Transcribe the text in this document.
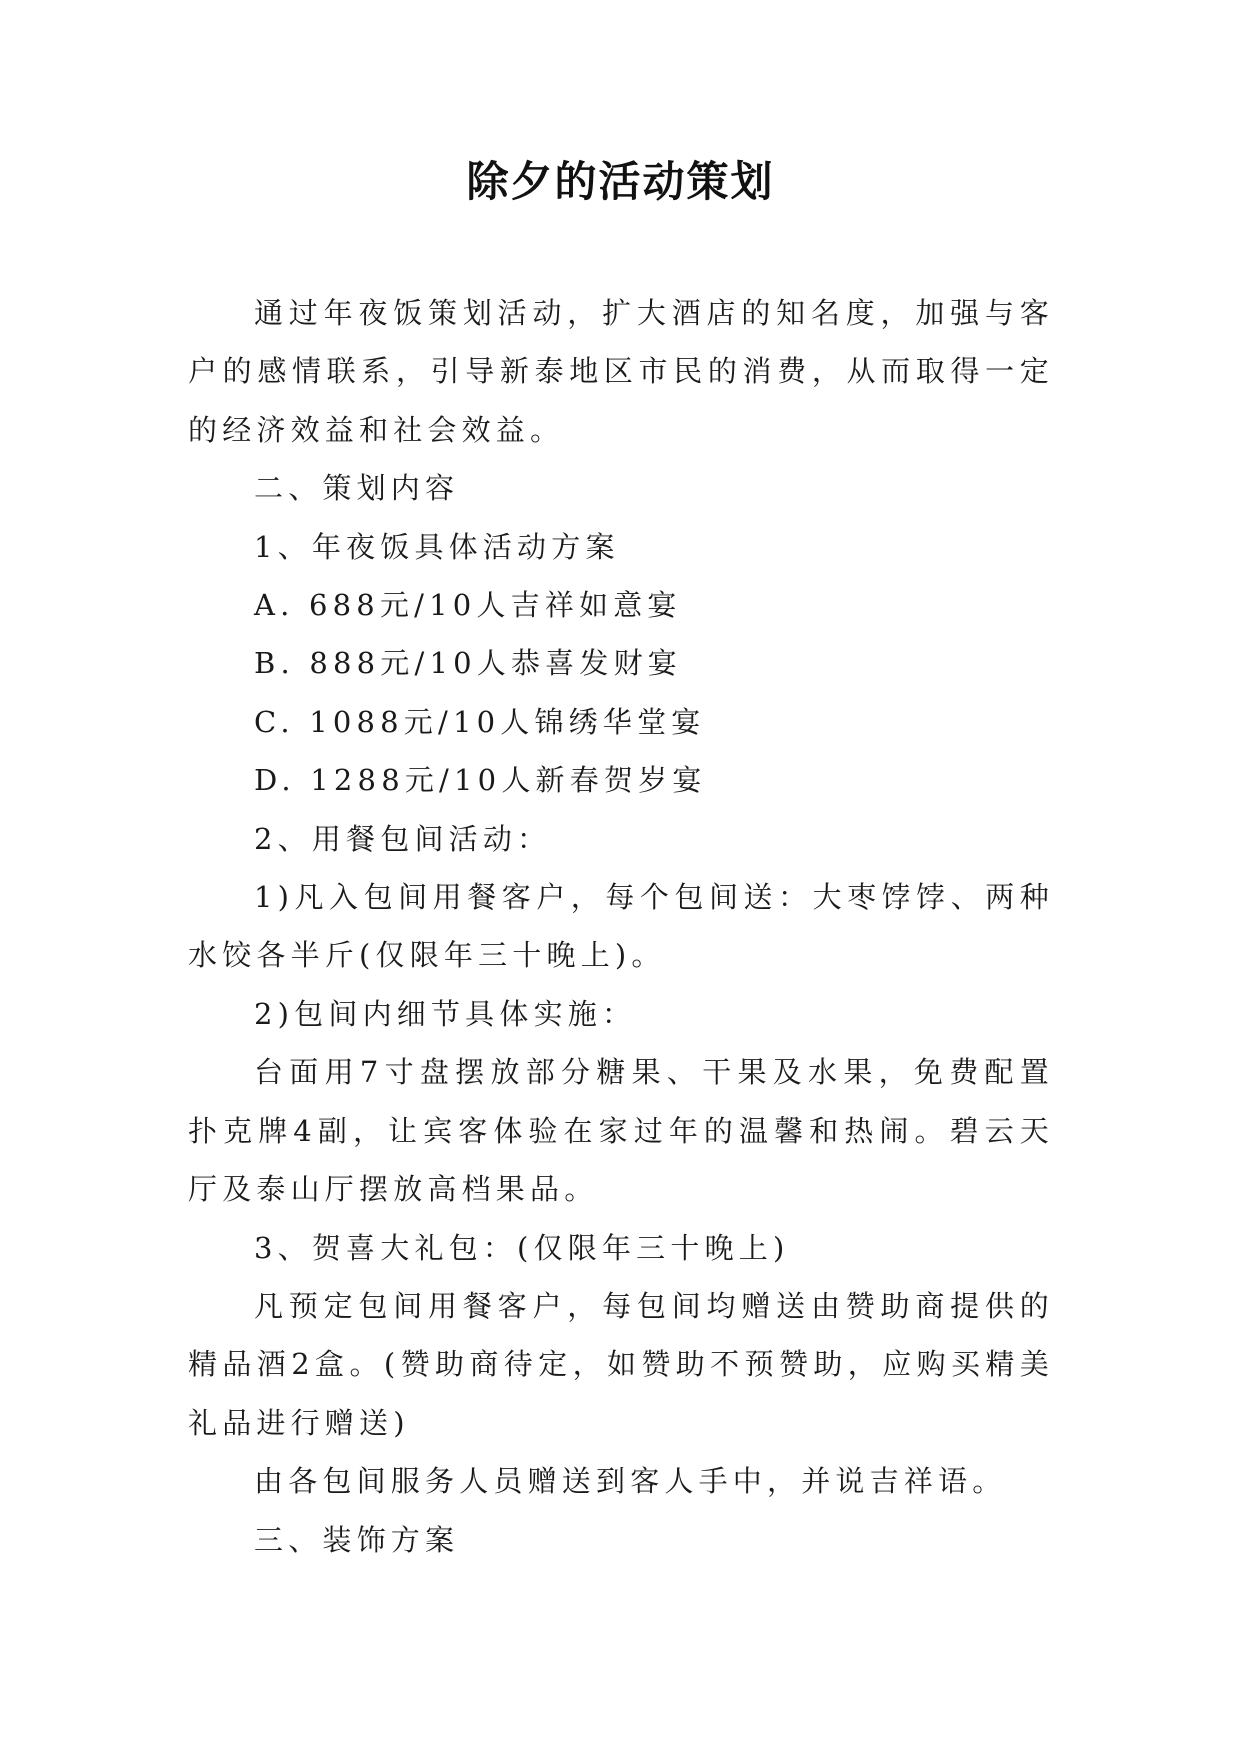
除夕的活动策划

通过年夜饭策划活动，扩大酒店的知名度，加强与客户的感情联系，引导新泰地区市民的消费，从而取得一定的经济效益和社会效益。

二、策划内容

1、年夜饭具体活动方案

A. 688元/10人吉祥如意宴

B. 888元/10人恭喜发财宴

C. 1088元/10人锦绣华堂宴

D. 1288元/10人新春贺岁宴

2、用餐包间活动：

1)凡入包间用餐客户，每个包间送：大枣饽饽、两种水饺各半斤(仅限年三十晚上)。

2)包间内细节具体实施：

台面用7寸盘摆放部分糖果、干果及水果，免费配置扑克牌4副，让宾客体验在家过年的温馨和热闹。碧云天厅及泰山厅摆放高档果品。

3、贺喜大礼包：(仅限年三十晚上)

凡预定包间用餐客户，每包间均赠送由赞助商提供的精品酒2盒。(赞助商待定，如赞助不预赞助，应购买精美礼品进行赠送)

由各包间服务人员赠送到客人手中，并说吉祥语。

三、装饰方案
